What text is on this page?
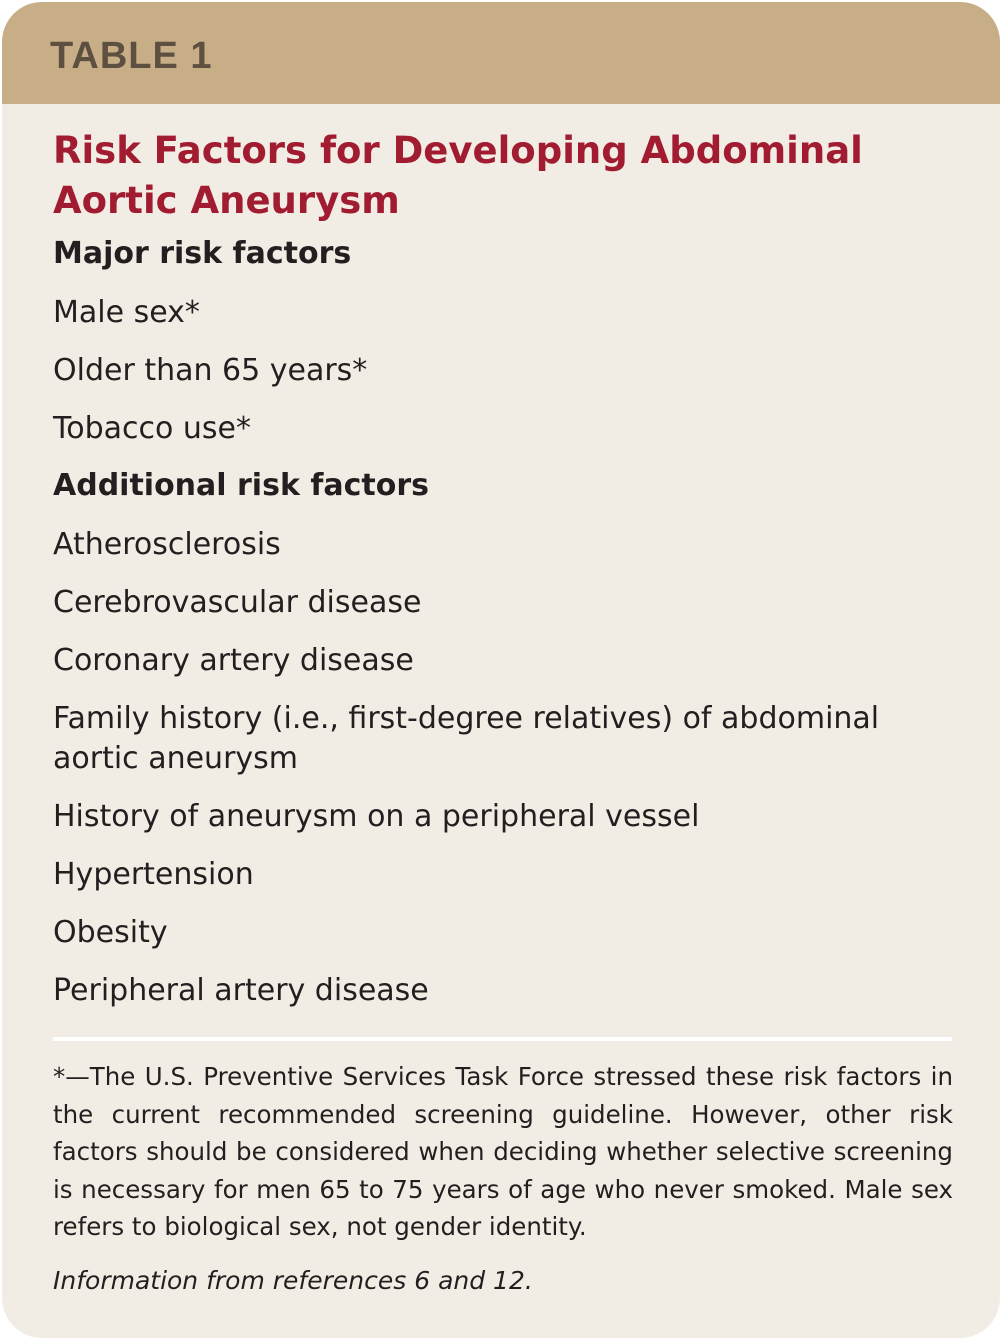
TABLE 1
Risk Factors for Developing Abdominal Aortic Aneurysm
Major risk factors
Male sex*
Older than 65 years*
Tobacco use*
Additional risk factors
Atherosclerosis
Cerebrovascular disease
Coronary artery disease
Family history (i.e., first-degree relatives) of abdominal aortic aneurysm
History of aneurysm on a peripheral vessel
Hypertension
Obesity
Peripheral artery disease
*—The U.S. Preventive Services Task Force stressed these risk factors in the current recommended screening guideline. However, other risk factors should be considered when deciding whether selective screening is necessary for men 65 to 75 years of age who never smoked. Male sex refers to biological sex, not gender identity.
Information from references 6 and 12.
